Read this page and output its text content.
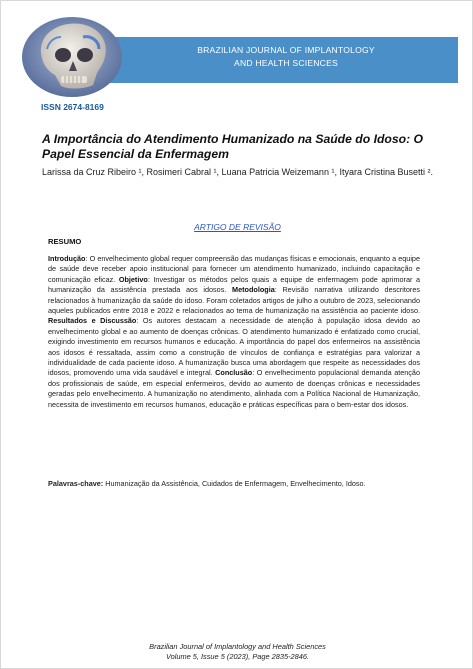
BRAZILIAN JOURNAL OF IMPLANTOLOGY
AND HEALTH SCIENCES
ISSN 2674-8169
A Importância do Atendimento Humanizado na Saúde do Idoso: O Papel Essencial da Enfermagem
Larissa da Cruz Ribeiro ¹, Rosimeri Cabral ¹, Luana Patricia Weizemann ¹, Ityara Cristina Busetti ².
ARTIGO DE REVISÃO
RESUMO
Introdução: O envelhecimento global requer compreensão das mudanças físicas e emocionais, enquanto a equipe de saúde deve receber apoio institucional para fornecer um atendimento humanizado, incluindo capacitação e comunicação eficaz. Objetivo: Investigar os métodos pelos quais a equipe de enfermagem pode aprimorar a humanização da assistência prestada aos idosos. Metodologia: Revisão narrativa utilizando descritores relacionados à humanização da saúde do idoso. Foram coletados artigos de julho a outubro de 2023, selecionando aqueles publicados entre 2018 e 2022 e relacionados ao tema de humanização na assistência ao paciente idoso. Resultados e Discussão: Os autores destacam a necessidade de atenção à população idosa devido ao envelhecimento global e ao aumento de doenças crônicas. O atendimento humanizado é enfatizado como crucial, exigindo investimento em recursos humanos e educação. A importância do papel dos enfermeiros na assistência aos idosos é ressaltada, assim como a construção de vínculos de confiança e estratégias para valorizar a individualidade de cada paciente idoso. A humanização busca uma abordagem que respeite as necessidades dos idosos, promovendo uma vida saudável e integral. Conclusão: O envelhecimento populacional demanda atenção dos profissionais de saúde, em especial enfermeiros, devido ao aumento de doenças crônicas e necessidades geradas pelo envelhecimento. A humanização no atendimento, alinhada com a Política Nacional de Humanização, necessita de investimento em recursos humanos, educação e práticas específicas para o bem-estar dos idosos.
Palavras-chave: Humanização da Assistência, Cuidados de Enfermagem, Envelhecimento, Idoso.
Brazilian Journal of Implantology and Health Sciences
Volume 5, Issue 5 (2023), Page 2835-2846.
